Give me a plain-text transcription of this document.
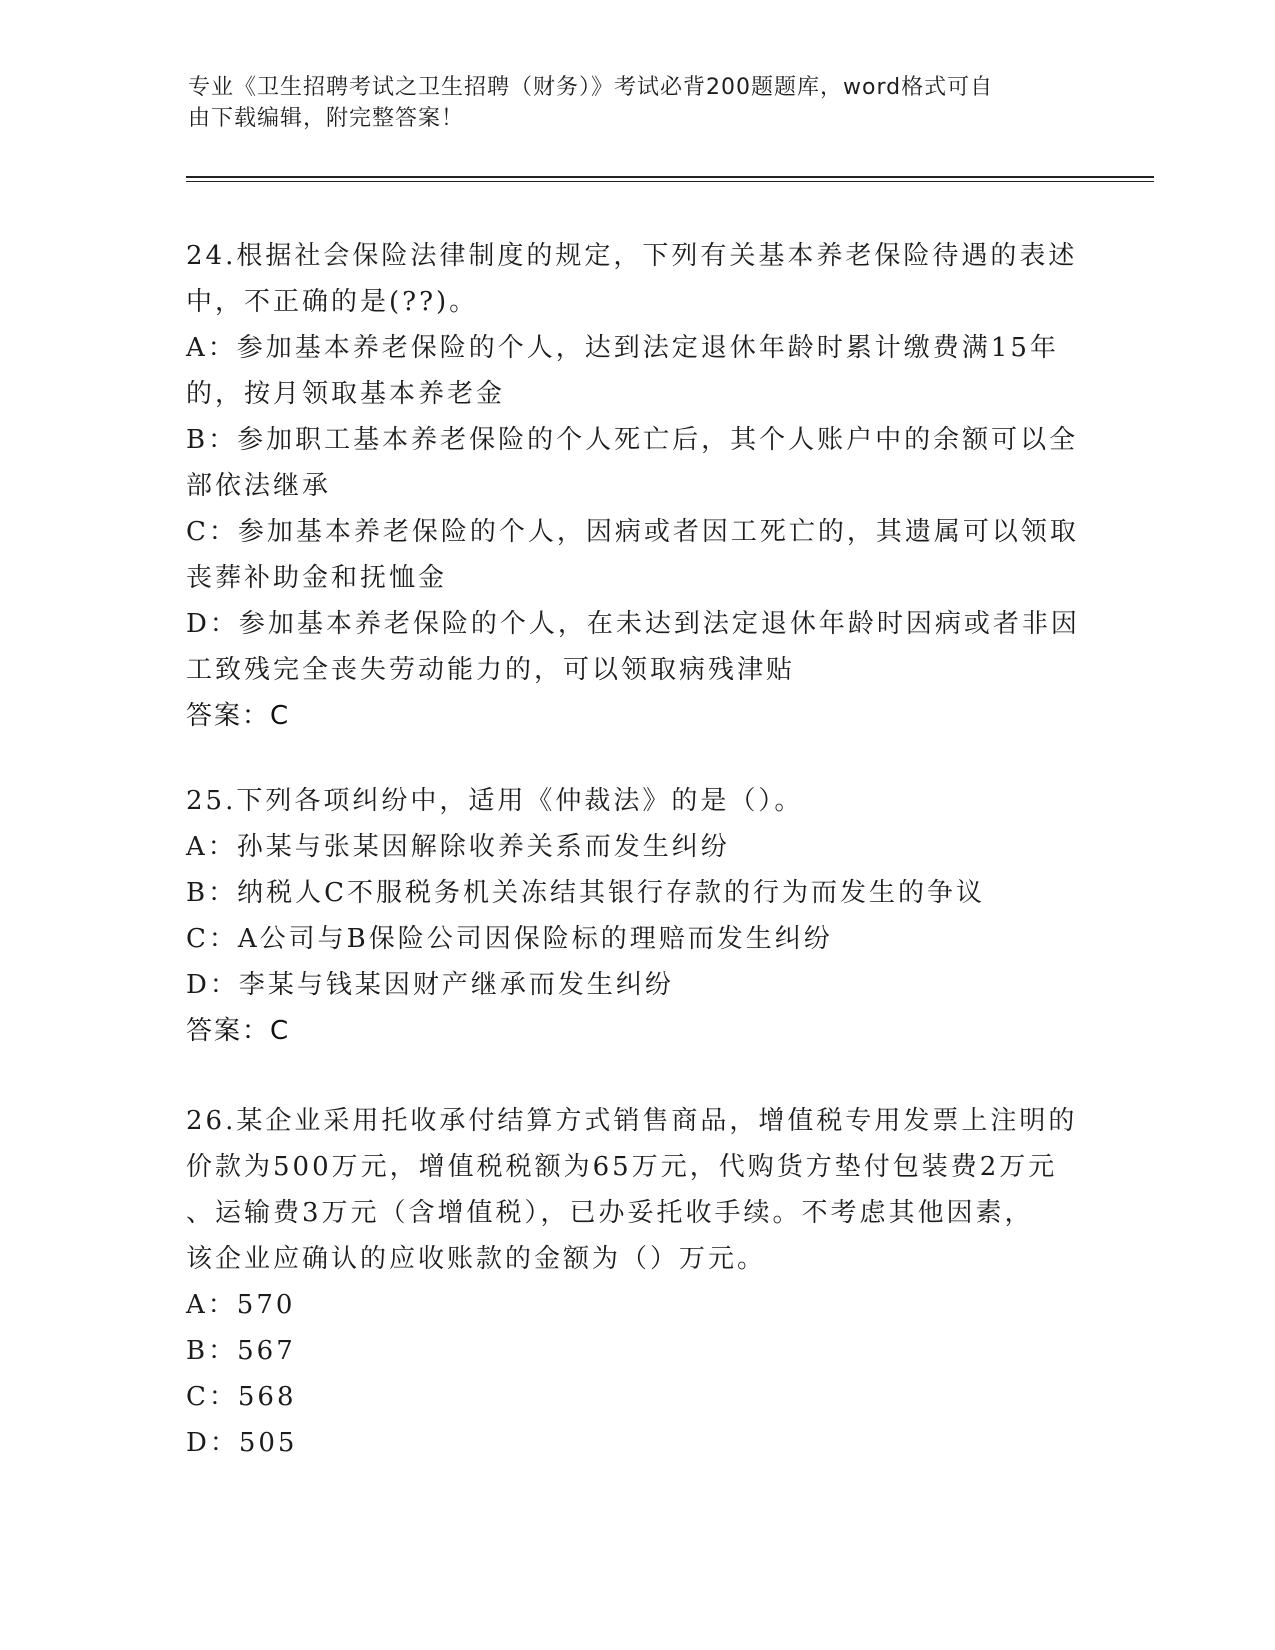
专业《卫生招聘考试之卫生招聘（财务）》考试必背200题题库，word格式可自
由下载编辑，附完整答案！

24.根据社会保险法律制度的规定，下列有关基本养老保险待遇的表述

中，不正确的是(??)。

A：参加基本养老保险的个人，达到法定退休年龄时累计缴费满15年

的，按月领取基本养老金

B：参加职工基本养老保险的个人死亡后，其个人账户中的余额可以全

部依法继承

C：参加基本养老保险的个人，因病或者因工死亡的，其遗属可以领取

丧葬补助金和抚恤金

D：参加基本养老保险的个人，在未达到法定退休年龄时因病或者非因

工致残完全丧失劳动能力的，可以领取病残津贴

答案：C

25.下列各项纠纷中，适用《仲裁法》的是（）。

A：孙某与张某因解除收养关系而发生纠纷

B：纳税人C不服税务机关冻结其银行存款的行为而发生的争议

C：A公司与B保险公司因保险标的理赔而发生纠纷

D：李某与钱某因财产继承而发生纠纷

答案：C

26.某企业采用托收承付结算方式销售商品，增值税专用发票上注明的

价款为500万元，增值税税额为65万元，代购货方垫付包装费2万元

、运输费3万元（含增值税），已办妥托收手续。不考虑其他因素，

该企业应确认的应收账款的金额为（）万元。

A：570

B：567

C：568

D：505
